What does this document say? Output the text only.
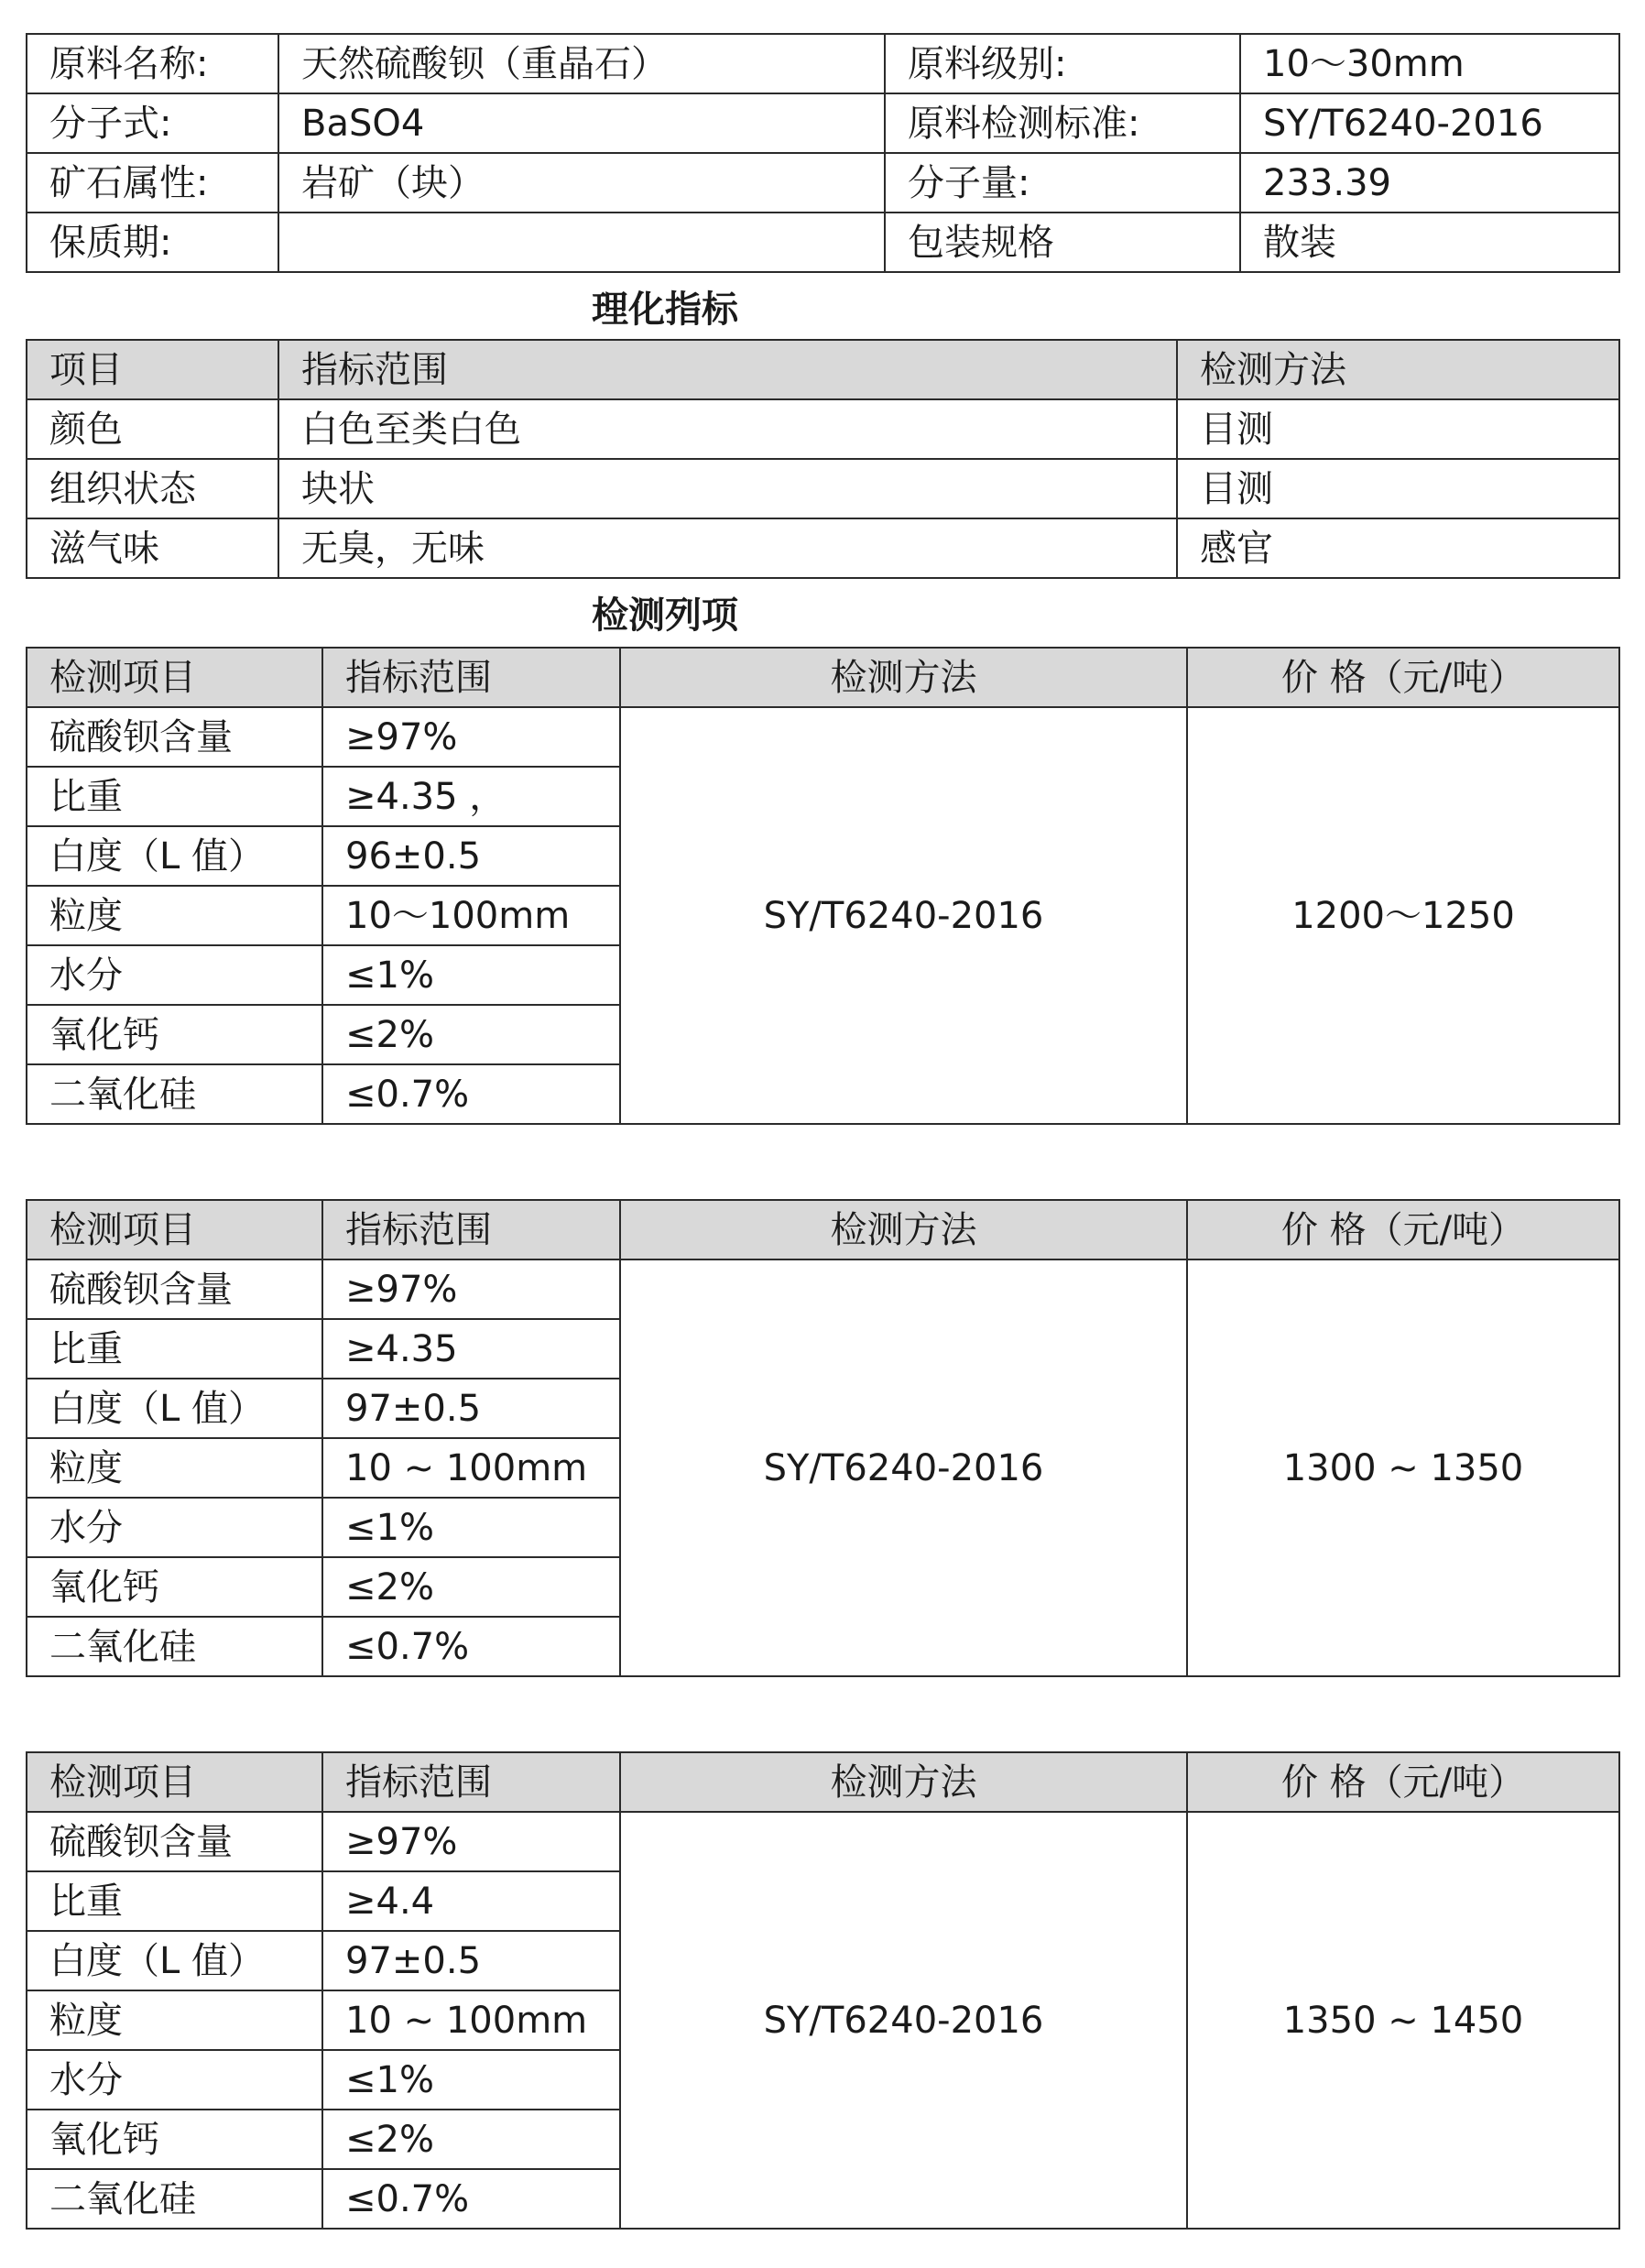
原料名称:	天然硫酸钡（重晶石）	原料级别:	10～30mm
分子式:	BaSO4	原料检测标准:	SY/T6240-2016
矿石属性:	岩矿（块）	分子量:	233.39
保质期:		包装规格	散装
理化指标
项目	指标范围	检测方法
颜色	白色至类白色	目测
组织状态	块状	目测
滋气味	无臭，无味	感官
检测列项
检测项目	指标范围	检测方法	价 格（元/吨）
硫酸钡含量	≥97%	SY/T6240-2016	1200～1250
比重	≥4.35 ，		
白度（L 值）	96±0.5		
粒度	10～100mm		
水分	≤1%		
氧化钙	≤2%		
二氧化硅	≤0.7%		
检测项目	指标范围	检测方法	价 格（元/吨）
硫酸钡含量	≥97%	SY/T6240-2016	1300 ~ 1350
比重	≥4.35		
白度（L 值）	97±0.5		
粒度	10 ~ 100mm		
水分	≤1%		
氧化钙	≤2%		
二氧化硅	≤0.7%		
检测项目	指标范围	检测方法	价 格（元/吨）
硫酸钡含量	≥97%	SY/T6240-2016	1350 ~ 1450
比重	≥4.4		
白度（L 值）	97±0.5		
粒度	10 ~ 100mm		
水分	≤1%		
氧化钙	≤2%		
二氧化硅	≤0.7%		
